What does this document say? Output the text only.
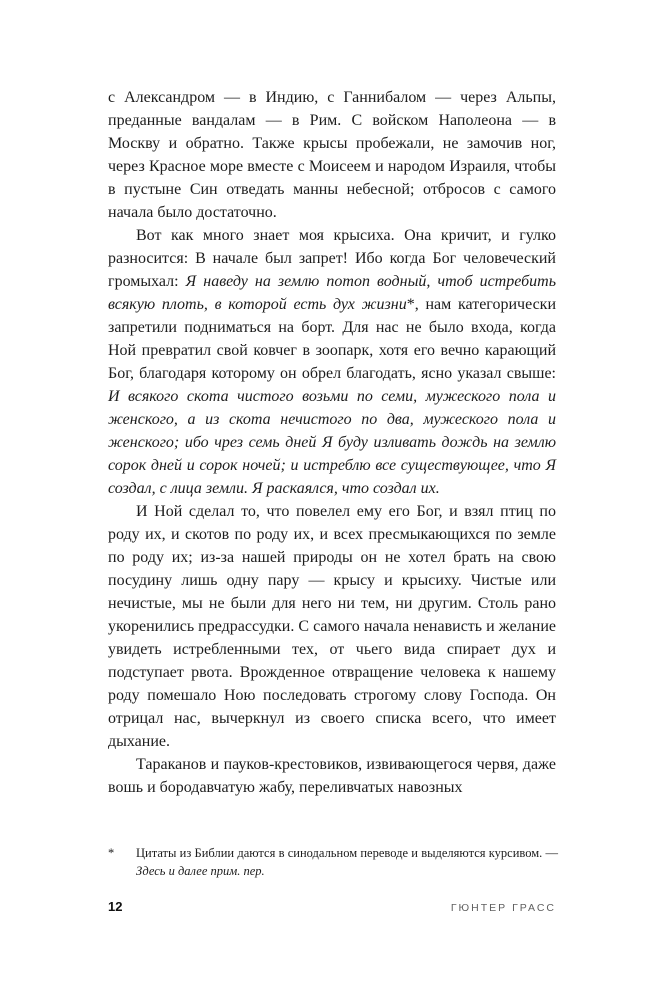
с Александром — в Индию, с Ганнибалом — через Альпы, преданные вандалам — в Рим. С войском Наполеона — в Москву и обратно. Также крысы пробежали, не замочив ног, через Красное море вместе с Моисеем и народом Израиля, чтобы в пустыне Син отведать манны небесной; отбросов с самого начала было достаточно.

Вот как много знает моя крысиха. Она кричит, и гулко разносится: В начале был запрет! Ибо когда Бог человеческий громыхал: Я наведу на землю потоп водный, чтоб истребить всякую плоть, в которой есть дух жизни*, нам категорически запретили подниматься на борт. Для нас не было входа, когда Ной превратил свой ковчег в зоопарк, хотя его вечно карающий Бог, благодаря которому он обрел благодать, ясно указал свыше: И всякого скота чистого возьми по семи, мужеского пола и женского, а из скота нечистого по два, мужеского пола и женского; ибо чрез семь дней Я буду изливать дождь на землю сорок дней и сорок ночей; и истреблю все существующее, что Я создал, с лица земли. Я раскаялся, что создал их.

И Ной сделал то, что повелел ему его Бог, и взял птиц по роду их, и скотов по роду их, и всех пресмыкающихся по земле по роду их; из-за нашей природы он не хотел брать на свою посудину лишь одну пару — крысу и крысиху. Чистые или нечистые, мы не были для него ни тем, ни другим. Столь рано укоренились предрассудки. С самого начала ненависть и желание увидеть истребленными тех, от чьего вида спирает дух и подступает рвота. Врожденное отвращение человека к нашему роду помешало Ною последовать строгому слову Господа. Он отрицал нас, вычеркнул из своего списка всего, что имеет дыхание.

Тараканов и пауков-крестовиков, извивающегося червя, даже вошь и бородавчатую жабу, переливчатых навозных

*	Цитаты из Библии даются в синодальном переводе и выделяются курсивом. — Здесь и далее прим. пер.
12	ГЮНТЕР ГРАСС
